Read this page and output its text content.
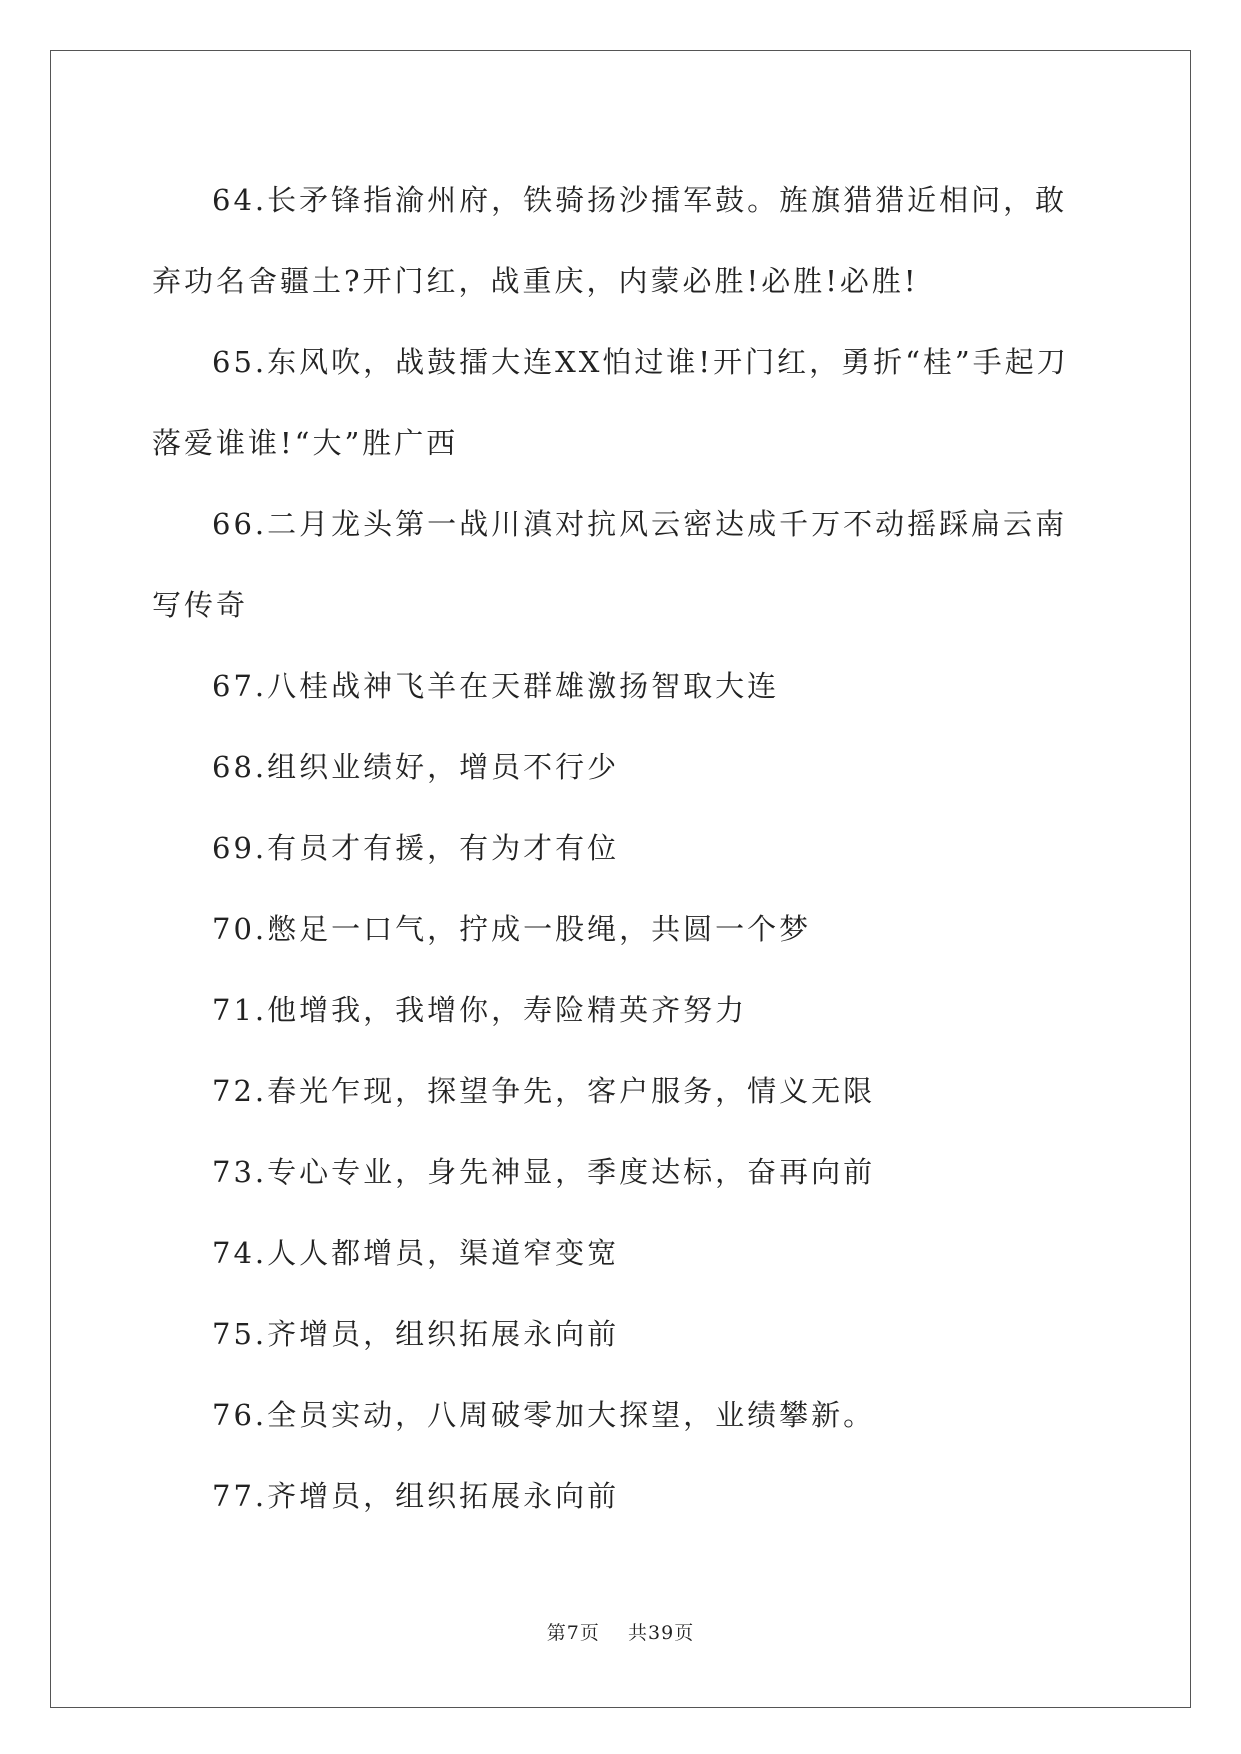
64.长矛锋指渝州府，铁骑扬沙擂军鼓。旌旗猎猎近相问，敢弃功名舍疆土?开门红，战重庆，内蒙必胜!必胜!必胜!

65.东风吹，战鼓擂大连XX怕过谁!开门红，勇折“桂”手起刀落爱谁谁!“大”胜广西

66.二月龙头第一战川滇对抗风云密达成千万不动摇踩扁云南写传奇

67.八桂战神飞羊在天群雄激扬智取大连

68.组织业绩好，增员不行少

69.有员才有援，有为才有位

70.憋足一口气，拧成一股绳，共圆一个梦

71.他增我，我增你，寿险精英齐努力

72.春光乍现，探望争先，客户服务，情义无限

73.专心专业，身先神显，季度达标，奋再向前

74.人人都增员，渠道窄变宽

75.齐增员，组织拓展永向前

76.全员实动，八周破零加大探望，业绩攀新。

77.齐增员，组织拓展永向前

第7页 共39页
